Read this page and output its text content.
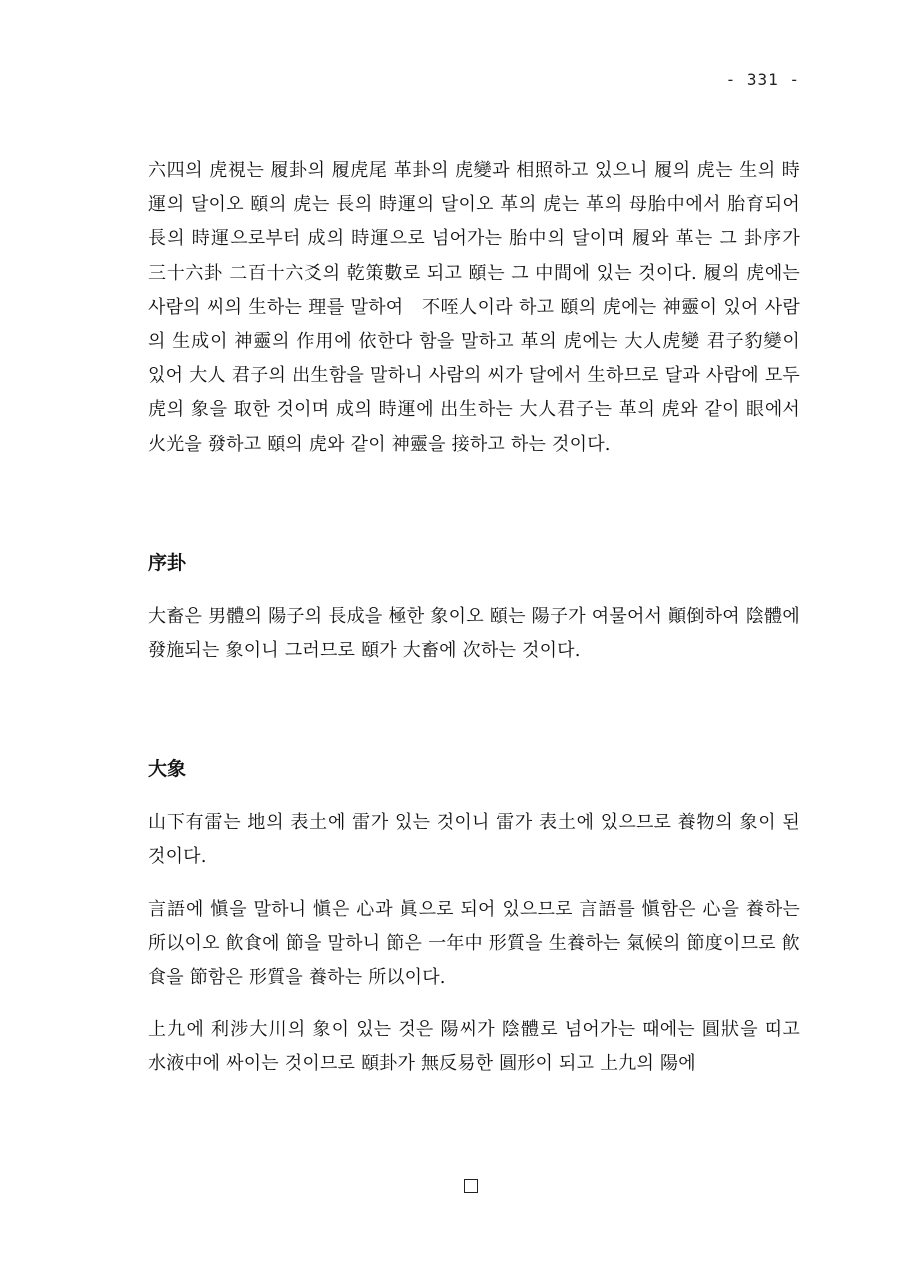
- 331 -

六四의 虎視는 履卦의 履虎尾 革卦의 虎變과 相照하고 있으니 履의 虎는 生의 時運의 달이오 頤의 虎는 長의 時運의 달이오 革의 虎는 革의 母胎中에서 胎育되어 長의 時運으로부터 成의 時運으로 넘어가는 胎中의 달이며 履와 革는 그 卦序가 三十六卦 二百十六爻의 乾策數로 되고 頤는 그 中間에 있는 것이다. 履의 虎에는 사람의 씨의 生하는 理를 말하여　不咥人이라 하고 頤의 虎에는 神靈이 있어 사람의 生成이 神靈의 作用에 依한다 함을 말하고 革의 虎에는 大人虎變 君子豹變이 있어 大人 君子의 出生함을 말하니 사람의 씨가 달에서 生하므로 달과 사람에 모두 虎의 象을 取한 것이며 成의 時運에 出生하는 大人君子는 革의 虎와 같이 眼에서 火光을 發하고 頤의 虎와 같이 神靈을 接하고 하는 것이다.

序卦

大畜은 男體의 陽子의 長成을 極한 象이오 頤는 陽子가 여물어서 顚倒하여 陰體에 發施되는 象이니 그러므로 頤가 大畜에 次하는 것이다.

大象

山下有雷는 地의 表土에 雷가 있는 것이니 雷가 表土에 있으므로 養物의 象이 된 것이다.

言語에 愼을 말하니 愼은 心과 眞으로 되어 있으므로 言語를 愼함은 心을 養하는 所以이오 飮食에 節을 말하니 節은 一年中 形質을 生養하는 氣候의 節度이므로 飮食을 節함은 形質을 養하는 所以이다.

上九에 利涉大川의 象이 있는 것은 陽씨가 陰體로 넘어가는 때에는 圓狀을 띠고 水液中에 싸이는 것이므로 頤卦가 無反易한 圓形이 되고 上九의 陽에
